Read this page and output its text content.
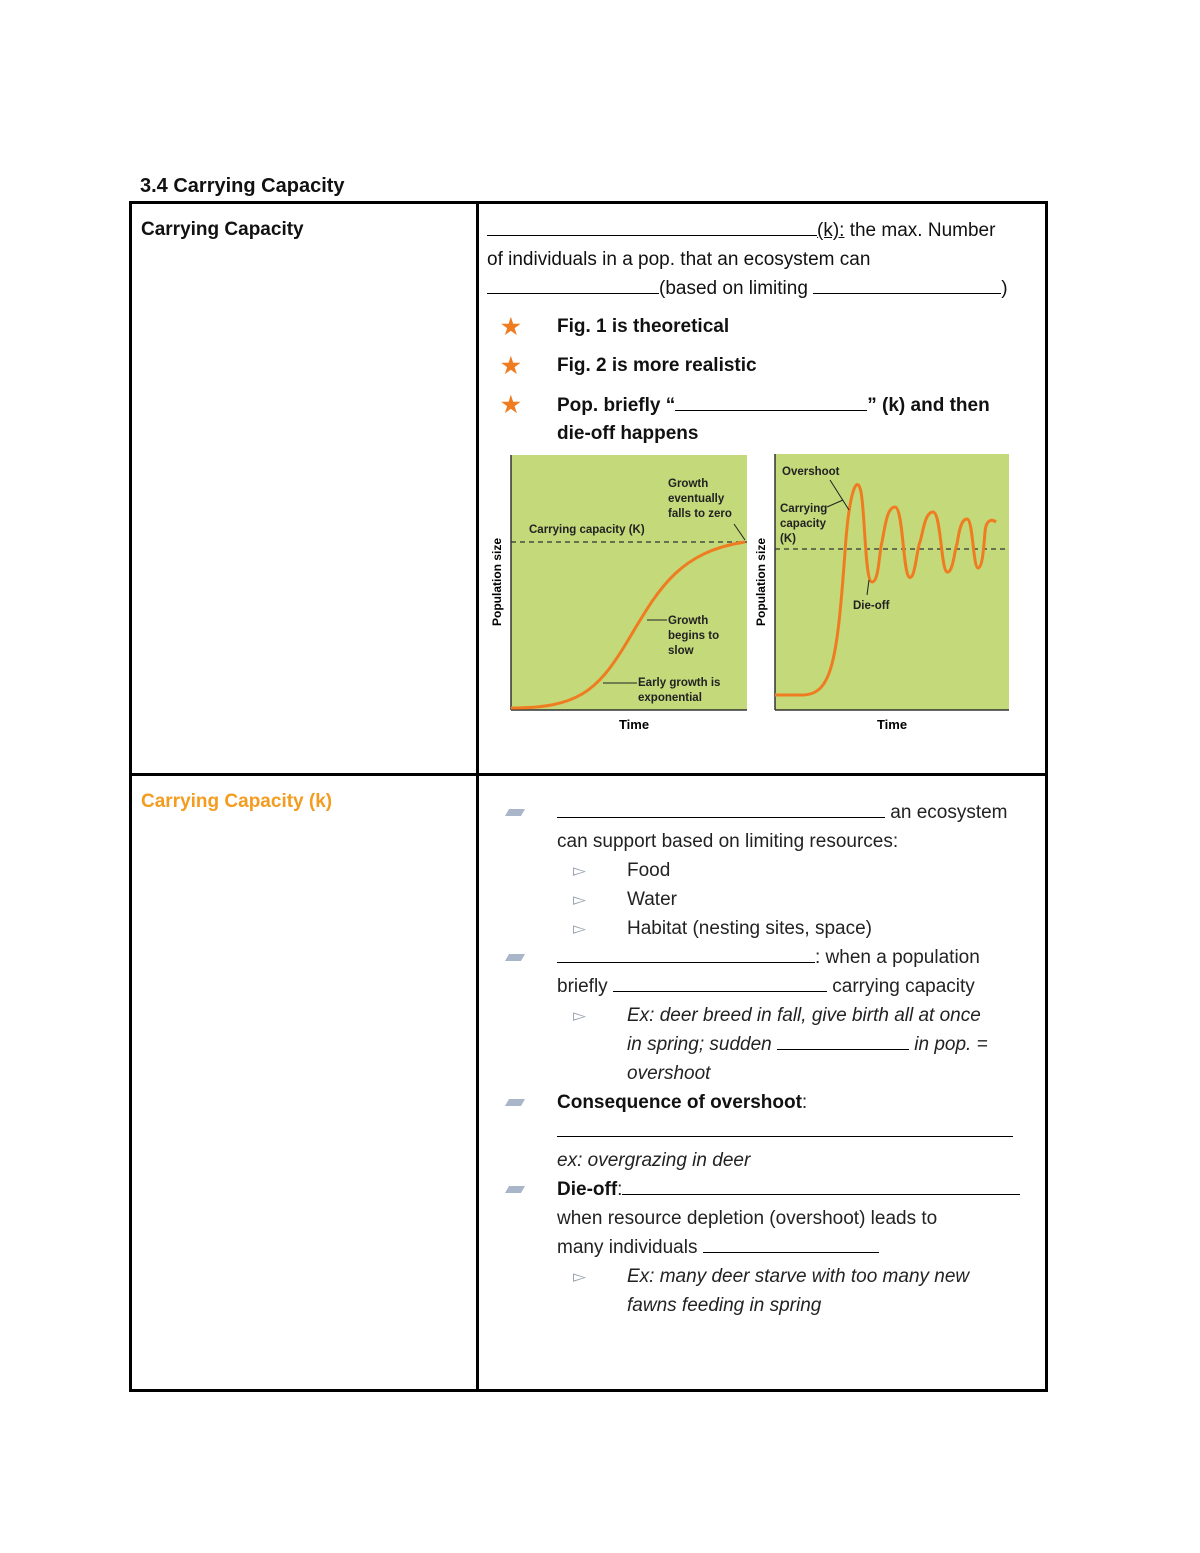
3.4 Carrying Capacity
Carrying Capacity
Carrying Capacity (k)
(k): the max. Number
of individuals in a pop. that an ecosystem can
(based on limiting	)
★ Fig. 1 is theoretical
★ Fig. 2 is more realistic
★ Pop. briefly “	” (k) and then
die-off happens
Population size
Time
Carrying capacity (K)
Growth eventually falls to zero
Growth begins to slow
Early growth is exponential
Population size
Time
Overshoot
Carrying capacity (K)
Die-off
an ecosystem
can support based on limiting resources:
▻ Food
▻ Water
▻ Habitat (nesting sites, space)
: when a population
briefly	carrying capacity
▻ Ex: deer breed in fall, give birth all at once
in spring; sudden	in pop. =
overshoot
Consequence of overshoot:

ex: overgrazing in deer
Die-off:
when resource depletion (overshoot) leads to
many individuals
▻ Ex: many deer starve with too many new
fawns feeding in spring
